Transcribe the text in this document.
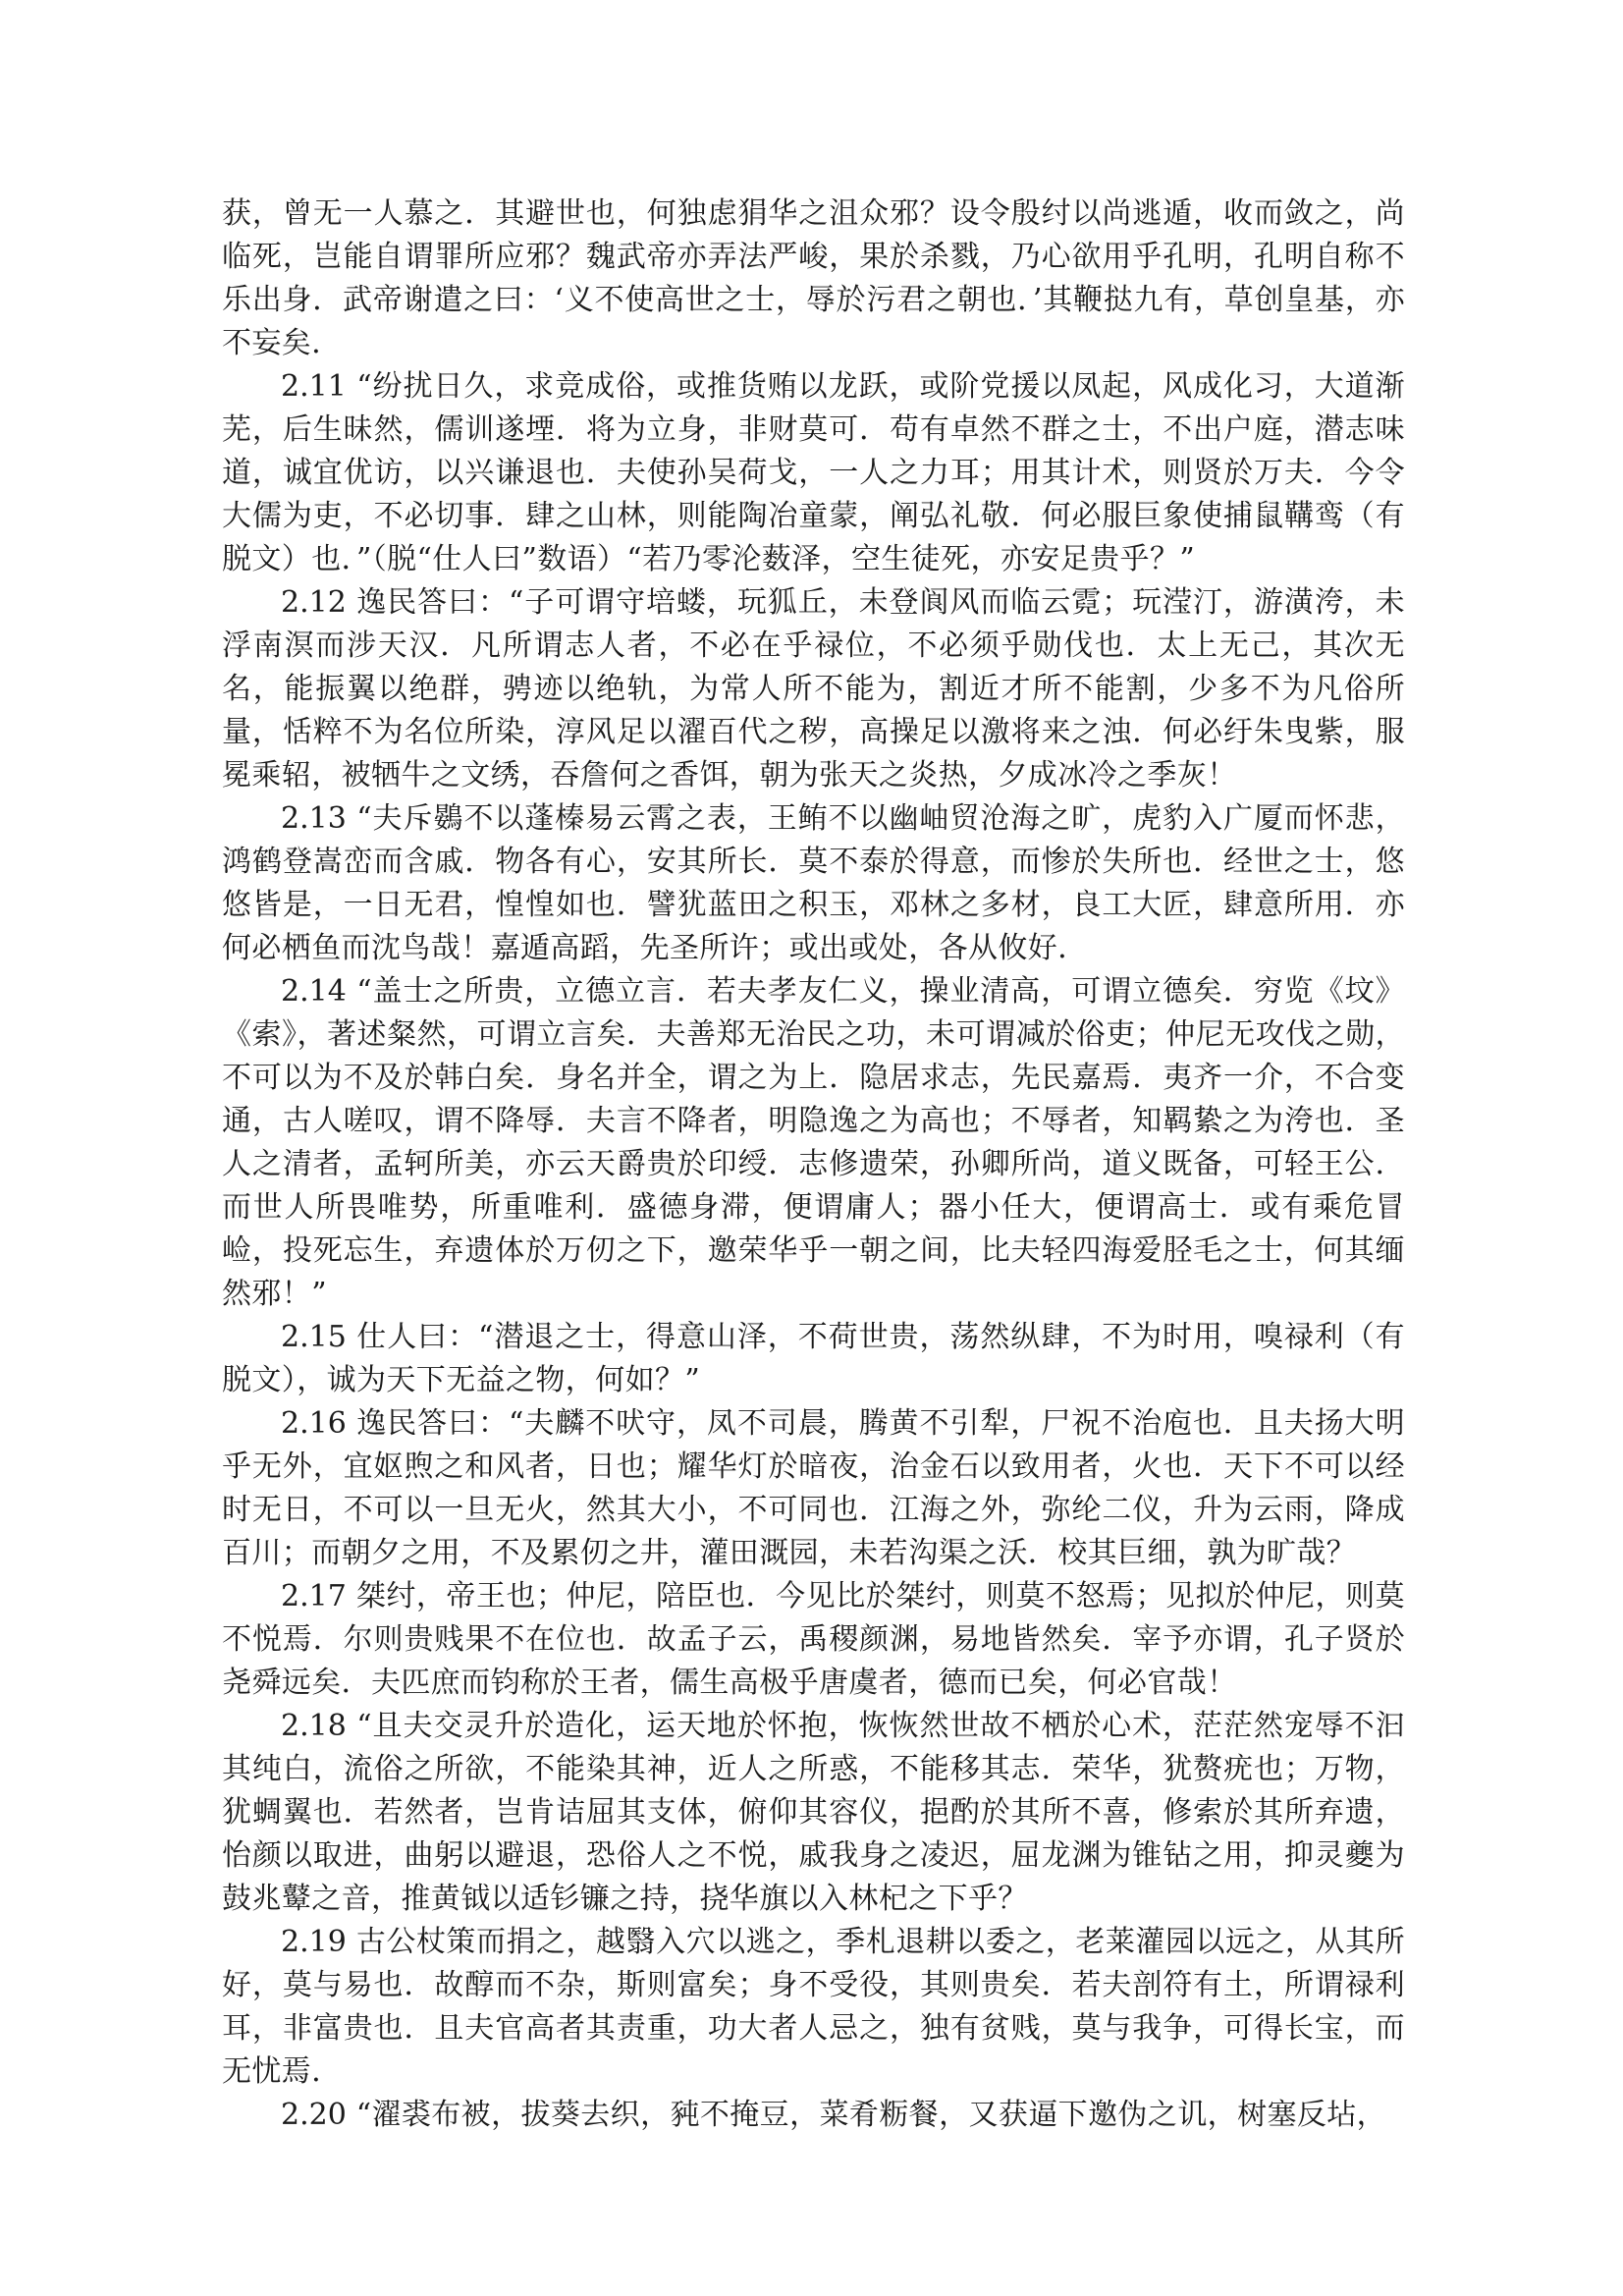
获，曾无一人慕之．其避世也，何独虑狷华之沮众邪？设令殷纣以尚逃遁，收而敛之，尚临死，岂能自谓罪所应邪？魏武帝亦弄法严峻，果於杀戮，乃心欲用乎孔明，孔明自称不乐出身．武帝谢遣之曰：‘义不使高世之士，辱於污君之朝也．’其鞭挞九有，草创皇基，亦不妄矣．

2.11 “纷扰日久，求竞成俗，或推货贿以龙跃，或阶党援以凤起，风成化习，大道渐芜，后生昧然，儒训遂堙．将为立身，非财莫可．苟有卓然不群之士，不出户庭，潜志味道，诚宜优访，以兴谦退也．夫使孙吴荷戈，一人之力耳；用其计术，则贤於万夫．今令大儒为吏，不必切事．肆之山林，则能陶冶童蒙，阐弘礼敬．何必服巨象使捕鼠鞲鸾（有脱文）也．”（脱“仕人曰”数语）“若乃零沦薮泽，空生徒死，亦安足贵乎？”

2.12 逸民答曰：“子可谓守培蝼，玩狐丘，未登阆风而临云霓；玩滢汀，游潢洿，未浮南溟而涉天汉．凡所谓志人者，不必在乎禄位，不必须乎勋伐也．太上无己，其次无名，能振翼以绝群，骋迹以绝轨，为常人所不能为，割近才所不能割，少多不为凡俗所量，恬粹不为名位所染，淳风足以濯百代之秽，高操足以激将来之浊．何必纡朱曳紫，服冕乘轺，被牺牛之文绣，吞詹何之香饵，朝为张天之炎热，夕成冰冷之季灰！

2.13 “夫斥鷃不以蓬榛易云霄之表，王鲔不以幽岫贸沧海之旷，虎豹入广厦而怀悲，鸿鹤登嵩峦而含戚．物各有心，安其所长．莫不泰於得意，而惨於失所也．经世之士，悠悠皆是，一日无君，惶惶如也．譬犹蓝田之积玉，邓林之多材，良工大匠，肆意所用．亦何必栖鱼而沈鸟哉！嘉遁高蹈，先圣所许；或出或处，各从攸好．

2.14 “盖士之所贵，立德立言．若夫孝友仁义，操业清高，可谓立德矣．穷览《坟》《索》，著述粲然，可谓立言矣．夫善郑无治民之功，未可谓减於俗吏；仲尼无攻伐之勋，不可以为不及於韩白矣．身名并全，谓之为上．隐居求志，先民嘉焉．夷齐一介，不合变通，古人嗟叹，谓不降辱．夫言不降者，明隐逸之为高也；不辱者，知羁絷之为洿也．圣人之清者，孟轲所美，亦云天爵贵於印绶．志修遗荣，孙卿所尚，道义既备，可轻王公．而世人所畏唯势，所重唯利．盛德身滞，便谓庸人；器小任大，便谓高士．或有乘危冒崄，投死忘生，弃遗体於万仞之下，邀荣华乎一朝之间，比夫轻四海爱胫毛之士，何其缅然邪！”

2.15 仕人曰：“潜退之士，得意山泽，不荷世贵，荡然纵肆，不为时用，嗅禄利（有脱文），诚为天下无益之物，何如？”

2.16 逸民答曰：“夫麟不吠守，凤不司晨，腾黄不引犁，尸祝不治庖也．且夫扬大明乎无外，宜妪煦之和风者，日也；耀华灯於暗夜，治金石以致用者，火也．天下不可以经时无日，不可以一旦无火，然其大小，不可同也．江海之外，弥纶二仪，升为云雨，降成百川；而朝夕之用，不及累仞之井，灌田溉园，未若沟渠之沃．校其巨细，孰为旷哉？

2.17 桀纣，帝王也；仲尼，陪臣也．今见比於桀纣，则莫不怒焉；见拟於仲尼，则莫不悦焉．尔则贵贱果不在位也．故孟子云，禹稷颜渊，易地皆然矣．宰予亦谓，孔子贤於尧舜远矣．夫匹庶而钧称於王者，儒生高极乎唐虞者，德而已矣，何必官哉！

2.18 “且夫交灵升於造化，运天地於怀抱，恢恢然世故不栖於心术，茫茫然宠辱不汩其纯白，流俗之所欲，不能染其神，近人之所惑，不能移其志．荣华，犹赘疣也；万物，犹蜩翼也．若然者，岂肯诘屈其支体，俯仰其容仪，挹酌於其所不喜，修索於其所弃遗，怡颜以取进，曲躬以避退，恐俗人之不悦，戚我身之凌迟，屈龙渊为锥钻之用，抑灵夔为鼓兆鼙之音，推黄钺以适钐镰之持，挠华旗以入林杞之下乎？

2.19 古公杖策而捐之，越翳入穴以逃之，季札退耕以委之，老莱灌园以远之，从其所好，莫与易也．故醇而不杂，斯则富矣；身不受役，其则贵矣．若夫剖符有土，所谓禄利耳，非富贵也．且夫官高者其责重，功大者人忌之，独有贫贱，莫与我争，可得长宝，而无忧焉．

2.20 “濯裘布被，拔葵去织，豘不掩豆，菜肴粝餐，又获逼下邀伪之讥，树塞反坫，
